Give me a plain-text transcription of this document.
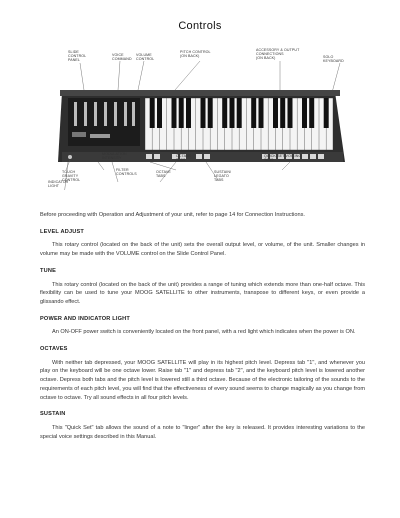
Controls
SLIDE
CONTROL
PANEL
VOICE
COMMAND
VOLUME
CONTROL
PITCH CONTROL
(ON BACK)
ACCESSORY & OUTPUT
CONNECTIONS
(ON BACK)	SOLO
KEYBOARD
TOUCH
GRAVITY
CONTROL
INDICATOR
LIGHT
MODULATION
INTENSITY
FILTER
CONTROLS
OCTAVE
TABS
OCTAVE
TABS
SUSTAIN/
LEGATO
TABS
QUICK-SET VOICING
TABS

Before proceeding with Operation and Adjustment of your unit, refer to page 14 for Connection Instructions.

LEVEL ADJUST

This rotary control (located on the back of the unit) sets the overall output level, or volume, of the unit. Smaller changes in volume may be made with the VOLUME control on the Slide Control Panel.

TUNE

This rotary control (located on the back of the unit) provides a range of tuning which extends more than one-half octave. This flexibility can be used to tune your MOOG SATELLITE to other instruments, transpose to different keys, or even provide a glissando effect.

POWER AND INDICATOR LIGHT

An ON-OFF power switch is conveniently located on the front panel, with a red light which indicates when the power is ON.

OCTAVES

With neither tab depressed, your MOOG SATELLITE will play in its highest pitch level. Depress tab "1", and whenever you play on the keyboard will be one octave lower. Raise tab "1" and depress tab "2", and the keyboard pitch level is lowered another octave. Depress both tabs and the pitch level is lowered still a third octave. Because of the electronic tailoring of the sounds to the requirements of each pitch level, you will find that the effectiveness of every sound seems to change magically as you change from octave to octave. Try all sound effects in all four pitch levels.

SUSTAIN

This "Quick Set" tab allows the sound of a note to "linger" after the key is released. It provides interesting variations to the special voice settings described in this Manual.
